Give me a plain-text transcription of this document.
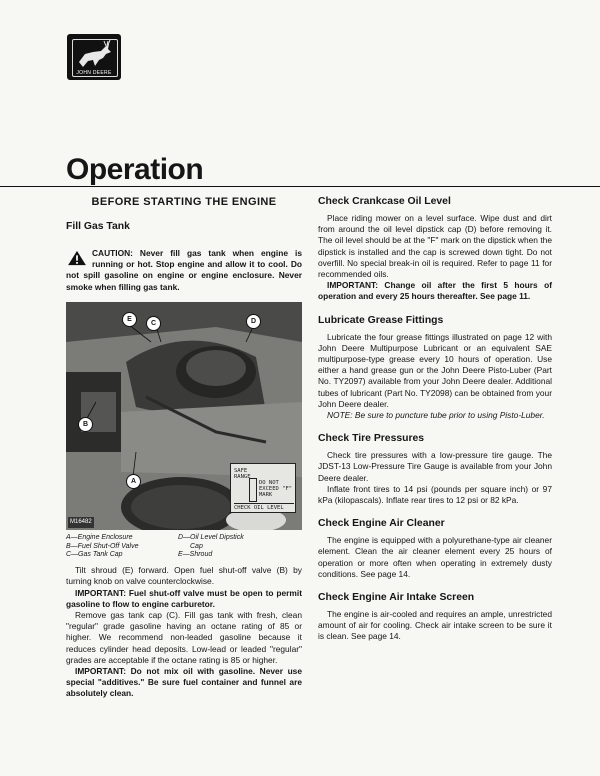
JOHN DEERE
Operation
BEFORE STARTING THE ENGINE
Fill Gas Tank
CAUTION: Never fill gas tank when engine is running or hot. Stop engine and allow it to cool. Do not spill gasoline on engine or engine enclosure. Never smoke when filling gas tank.
E
C	D
B
A
SAFE RANGE
DO NOT EXCEED "F" MARK
CHECK OIL LEVEL
M16482
A—Engine Enclosure	D—Oil Level Dipstick
B—Fuel Shut-Off Valve	Cap
C—Gas Tank Cap	E—Shroud

Tilt shroud (E) forward. Open fuel shut-off valve (B) by turning knob on valve counterclockwise.

IMPORTANT: Fuel shut-off valve must be open to permit gasoline to flow to engine carburetor.

Remove gas tank cap (C). Fill gas tank with fresh, clean "regular" grade gasoline having an octane rating of 85 or higher. We recommend non-leaded gasoline because it reduces cylinder head deposits. Low-lead or leaded "regular" grades are acceptable if the octane rating is 85 or higher.

IMPORTANT: Do not mix oil with gasoline. Never use special "additives." Be sure fuel container and funnel are absolutely clean.

Check Crankcase Oil Level

Place riding mower on a level surface. Wipe dust and dirt from around the oil level dipstick cap (D) before removing it. The oil level should be at the "F" mark on the dipstick when the dipstick is installed and the cap is screwed down tight. Do not overfill. No special break-in oil is required. Refer to page 11 for recommended oils.

IMPORTANT: Change oil after the first 5 hours of operation and every 25 hours thereafter. See page 11.

Lubricate Grease Fittings

Lubricate the four grease fittings illustrated on page 12 with John Deere Multipurpose Lubricant or an equivalent SAE multipurpose-type grease every 10 hours of operation. Use either a hand grease gun or the John Deere Pisto-Luber (Part No. TY2097) available from your John Deere dealer. Additional tubes of lubricant (Part No. TY2098) can be obtained from your John Deere dealer.

NOTE: Be sure to puncture tube prior to using Pisto-Luber.

Check Tire Pressures

Check tire pressures with a low-pressure tire gauge. The JDST-13 Low-Pressure Tire Gauge is available from your John Deere dealer.

Inflate front tires to 14 psi (pounds per square inch) or 97 kPa (kilopascals). Inflate rear tires to 12 psi or 82 kPa.

Check Engine Air Cleaner

The engine is equipped with a polyurethane-type air cleaner element. Clean the air cleaner element every 25 hours of operation or more often when operating in extremely dusty conditions. See page 14.

Check Engine Air Intake Screen

The engine is air-cooled and requires an ample, unrestricted amount of air for cooling. Check air intake screen to be sure it is clean. See page 14.
